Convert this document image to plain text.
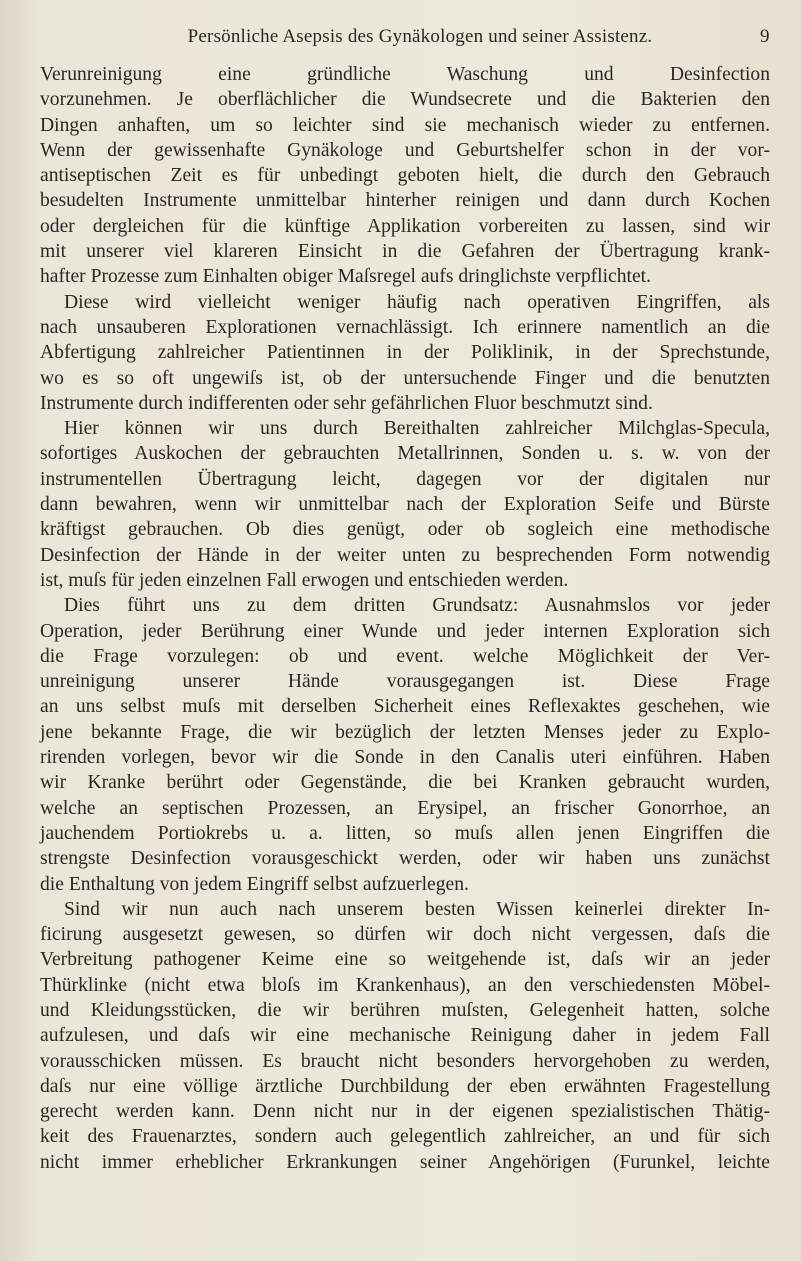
Persönliche Asepsis des Gynäkologen und seiner Assistenz.	9
Verunreinigung eine gründliche Waschung und Desinfection
vorzunehmen. Je oberflächlicher die Wundsecrete und die Bakterien den
Dingen anhaften, um so leichter sind sie mechanisch wieder zu entfernen.
Wenn der gewissenhafte Gynäkologe und Geburtshelfer schon in der vor-
antiseptischen Zeit es für unbedingt geboten hielt, die durch den Gebrauch
besudelten Instrumente unmittelbar hinterher reinigen und dann durch Kochen
oder dergleichen für die künftige Applikation vorbereiten zu lassen, sind wir
mit unserer viel klareren Einsicht in die Gefahren der Übertragung krank-
hafter Prozesse zum Einhalten obiger Maſsregel aufs dringlichste verpflichtet.
Diese wird vielleicht weniger häufig nach operativen Eingriffen, als
nach unsauberen Explorationen vernachlässigt. Ich erinnere namentlich an die
Abfertigung zahlreicher Patientinnen in der Poliklinik, in der Sprechstunde,
wo es so oft ungewiſs ist, ob der untersuchende Finger und die benutzten
Instrumente durch indifferenten oder sehr gefährlichen Fluor beschmutzt sind.
Hier können wir uns durch Bereithalten zahlreicher Milchglas-Specula,
sofortiges Auskochen der gebrauchten Metallrinnen, Sonden u. s. w. von der
instrumentellen Übertragung leicht, dagegen vor der digitalen nur
dann bewahren, wenn wir unmittelbar nach der Exploration Seife und Bürste
kräftigst gebrauchen. Ob dies genügt, oder ob sogleich eine methodische
Desinfection der Hände in der weiter unten zu besprechenden Form notwendig
ist, muſs für jeden einzelnen Fall erwogen und entschieden werden.
Dies führt uns zu dem dritten Grundsatz: Ausnahmslos vor jeder
Operation, jeder Berührung einer Wunde und jeder internen Exploration sich
die Frage vorzulegen: ob und event. welche Möglichkeit der Ver-
unreinigung unserer Hände vorausgegangen ist. Diese Frage
an uns selbst muſs mit derselben Sicherheit eines Reflexaktes geschehen, wie
jene bekannte Frage, die wir bezüglich der letzten Menses jeder zu Explo-
rirenden vorlegen, bevor wir die Sonde in den Canalis uteri einführen. Haben
wir Kranke berührt oder Gegenstände, die bei Kranken gebraucht wurden,
welche an septischen Prozessen, an Erysipel, an frischer Gonorrhoe, an
jauchendem Portiokrebs u. a. litten, so muſs allen jenen Eingriffen die
strengste Desinfection vorausgeschickt werden, oder wir haben uns zunächst
die Enthaltung von jedem Eingriff selbst aufzuerlegen.
Sind wir nun auch nach unserem besten Wissen keinerlei direkter In-
ficirung ausgesetzt gewesen, so dürfen wir doch nicht vergessen, daſs die
Verbreitung pathogener Keime eine so weitgehende ist, daſs wir an jeder
Thürklinke (nicht etwa bloſs im Krankenhaus), an den verschiedensten Möbel-
und Kleidungsstücken, die wir berühren muſsten, Gelegenheit hatten, solche
aufzulesen, und daſs wir eine mechanische Reinigung daher in jedem Fall
vorausschicken müssen. Es braucht nicht besonders hervorgehoben zu werden,
daſs nur eine völlige ärztliche Durchbildung der eben erwähnten Fragestellung
gerecht werden kann. Denn nicht nur in der eigenen spezialistischen Thätig-
keit des Frauenarztes, sondern auch gelegentlich zahlreicher, an und für sich
nicht immer erheblicher Erkrankungen seiner Angehörigen (Furunkel, leichte
